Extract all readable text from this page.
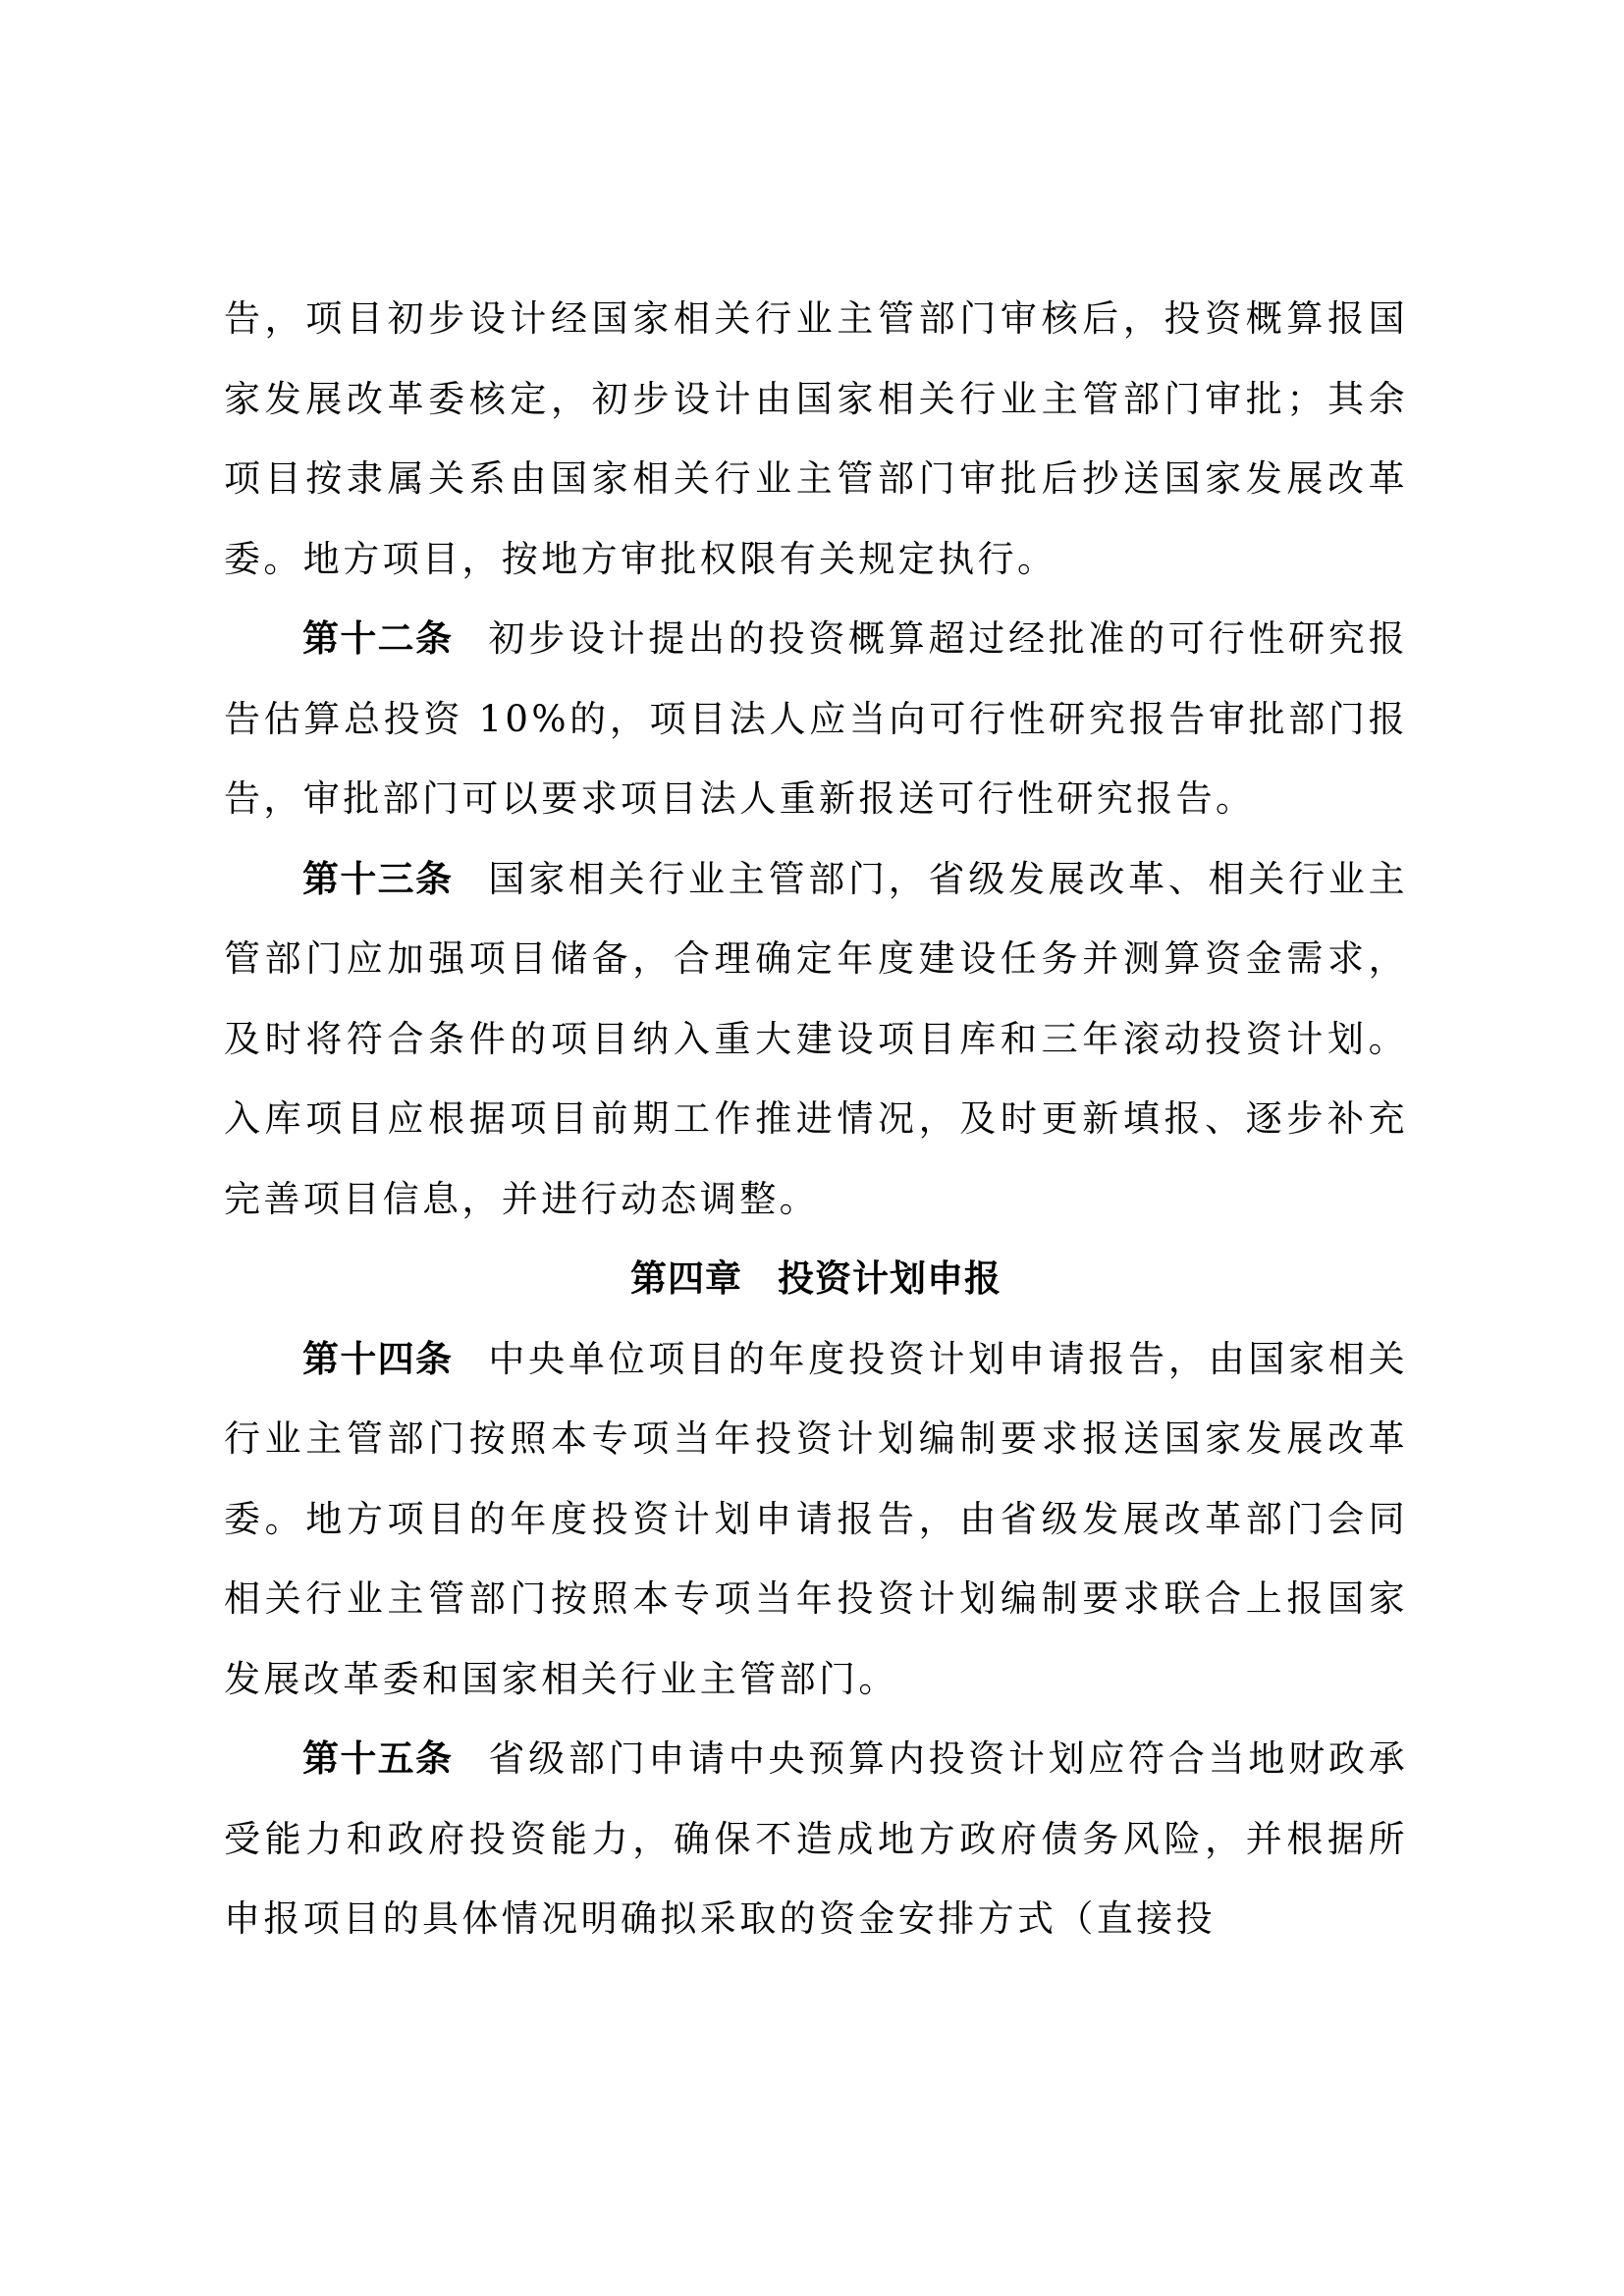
告，项目初步设计经国家相关行业主管部门审核后，投资概算报国家发展改革委核定，初步设计由国家相关行业主管部门审批；其余项目按隶属关系由国家相关行业主管部门审批后抄送国家发展改革委。地方项目，按地方审批权限有关规定执行。

第十二条 初步设计提出的投资概算超过经批准的可行性研究报告估算总投资 10%的，项目法人应当向可行性研究报告审批部门报告，审批部门可以要求项目法人重新报送可行性研究报告。

第十三条 国家相关行业主管部门，省级发展改革、相关行业主管部门应加强项目储备，合理确定年度建设任务并测算资金需求，及时将符合条件的项目纳入重大建设项目库和三年滚动投资计划。入库项目应根据项目前期工作推进情况，及时更新填报、逐步补充完善项目信息，并进行动态调整。

第四章 投资计划申报

第十四条 中央单位项目的年度投资计划申请报告，由国家相关行业主管部门按照本专项当年投资计划编制要求报送国家发展改革委。地方项目的年度投资计划申请报告，由省级发展改革部门会同相关行业主管部门按照本专项当年投资计划编制要求联合上报国家发展改革委和国家相关行业主管部门。

第十五条 省级部门申请中央预算内投资计划应符合当地财政承受能力和政府投资能力，确保不造成地方政府债务风险，并根据所申报项目的具体情况明确拟采取的资金安排方式（直接投
